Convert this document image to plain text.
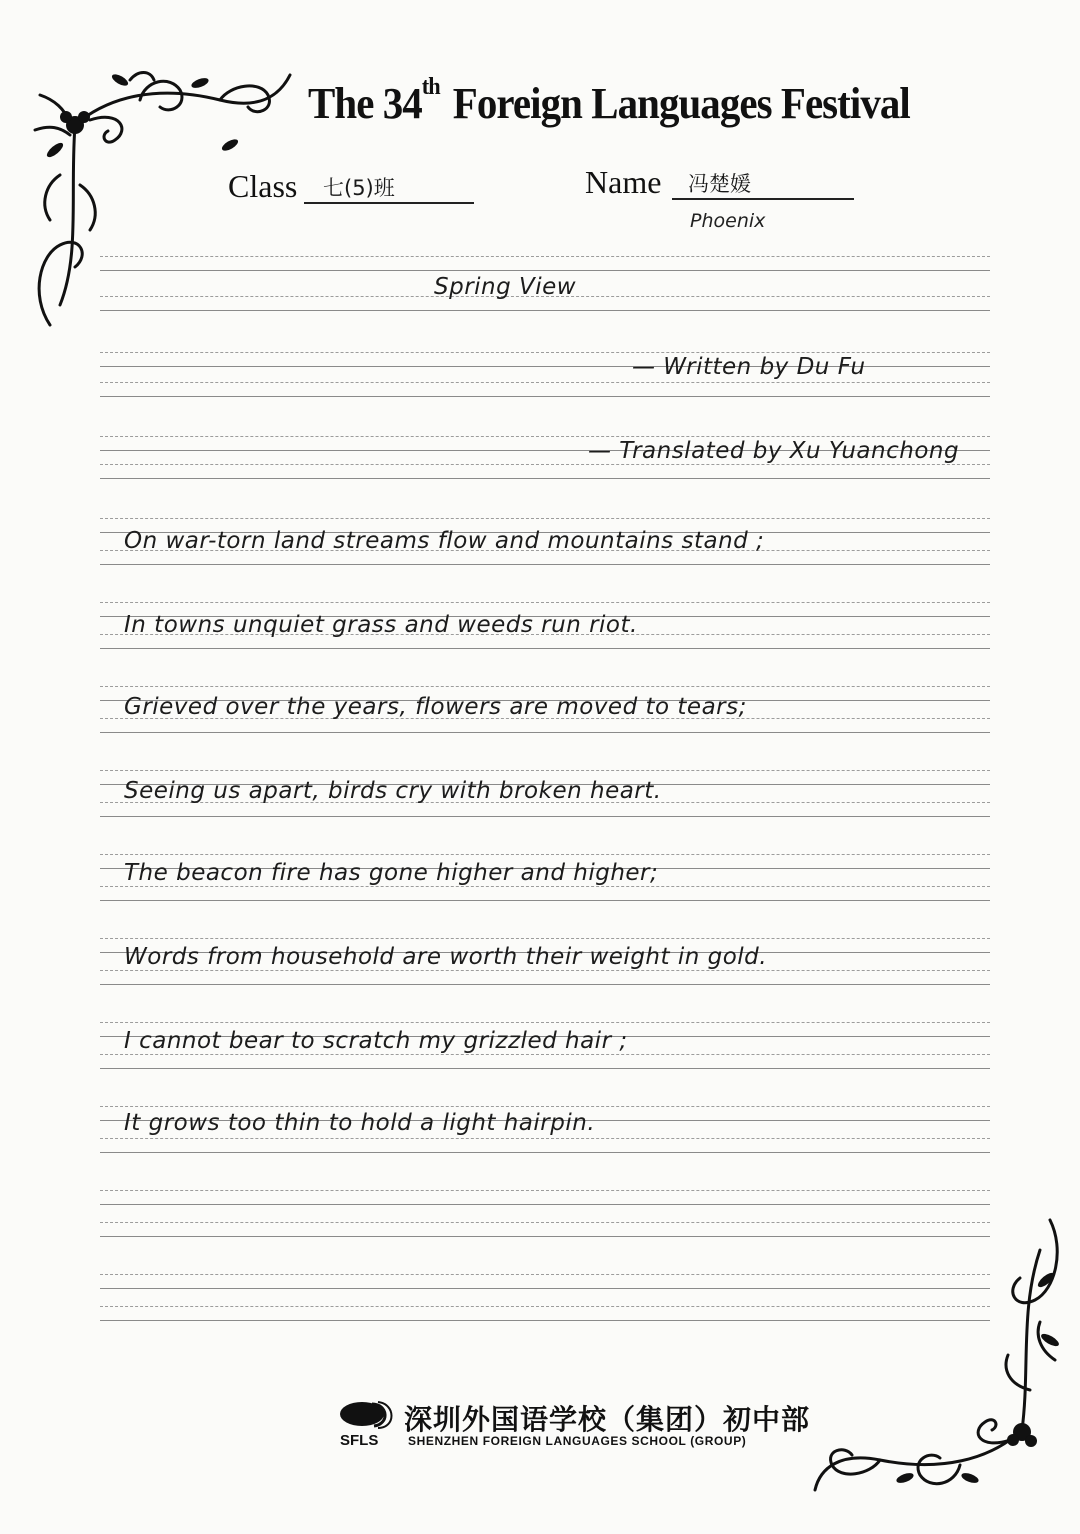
The 34th Foreign Languages Festival
Class 七(5)班	Name 冯楚媛
Phoenix
Spring View
— Written by Du Fu
— Translated by Xu Yuanchong
On war-torn land streams flow and mountains stand ;
In towns unquiet grass and weeds run riot.
Grieved over the years, flowers are moved to tears;
Seeing us apart, birds cry with broken heart.
The beacon fire has gone higher and higher;
Words from household are worth their weight in gold.
I cannot bear to scratch my grizzled hair ;
It grows too thin to hold a light hairpin.
SFLS
深圳外国语学校（集团）初中部
SHENZHEN FOREIGN LANGUAGES SCHOOL (GROUP)
